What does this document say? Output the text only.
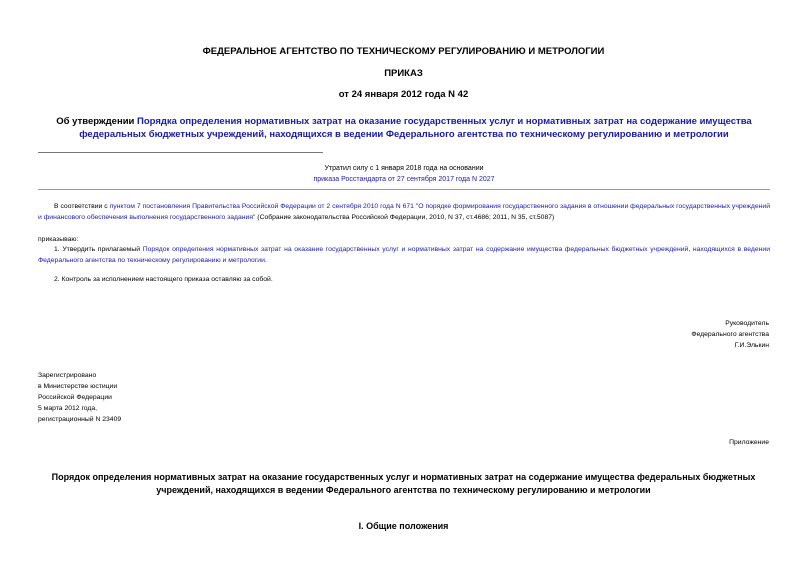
ФЕДЕРАЛЬНОЕ АГЕНТСТВО ПО ТЕХНИЧЕСКОМУ РЕГУЛИРОВАНИЮ И МЕТРОЛОГИИ
ПРИКАЗ
от 24 января 2012 года N 42
Об утверждении Порядка определения нормативных затрат на оказание государственных услуг и нормативных затрат на содержание имущества федеральных бюджетных учреждений, находящихся в ведении Федерального агентства по техническому регулированию и метрологии
Утратил силу с 1 января 2018 года на основании
приказа Росстандарта от 27 сентября 2017 года N 2027
В соответствии с пунктом 7 постановления Правительства Российской Федерации от 2 сентября 2010 года N 671 "О порядке формирования государственного задания в отношении федеральных государственных учреждений и финансового обеспечения выполнения государственного задания" (Собрание законодательства Российской Федерации, 2010, N 37, ст.4686; 2011, N 35, ст.5087)
приказываю:
1. Утвердить прилагаемый Порядок определения нормативных затрат на оказание государственных услуг и нормативных затрат на содержание имущества федеральных бюджетных учреждений, находящихся в ведении Федерального агентства по техническому регулированию и метрологии.
2. Контроль за исполнением настоящего приказа оставляю за собой.
Руководитель
Федерального агентства
Г.И.Элькин
Зарегистрировано
в Министерстве юстиции
Российской Федерации
5 марта 2012 года,
регистрационный N 23409
Приложение
Порядок определения нормативных затрат на оказание государственных услуг и нормативных затрат на содержание имущества федеральных бюджетных учреждений, находящихся в ведении Федерального агентства по техническому регулированию и метрологии
I. Общие положения
